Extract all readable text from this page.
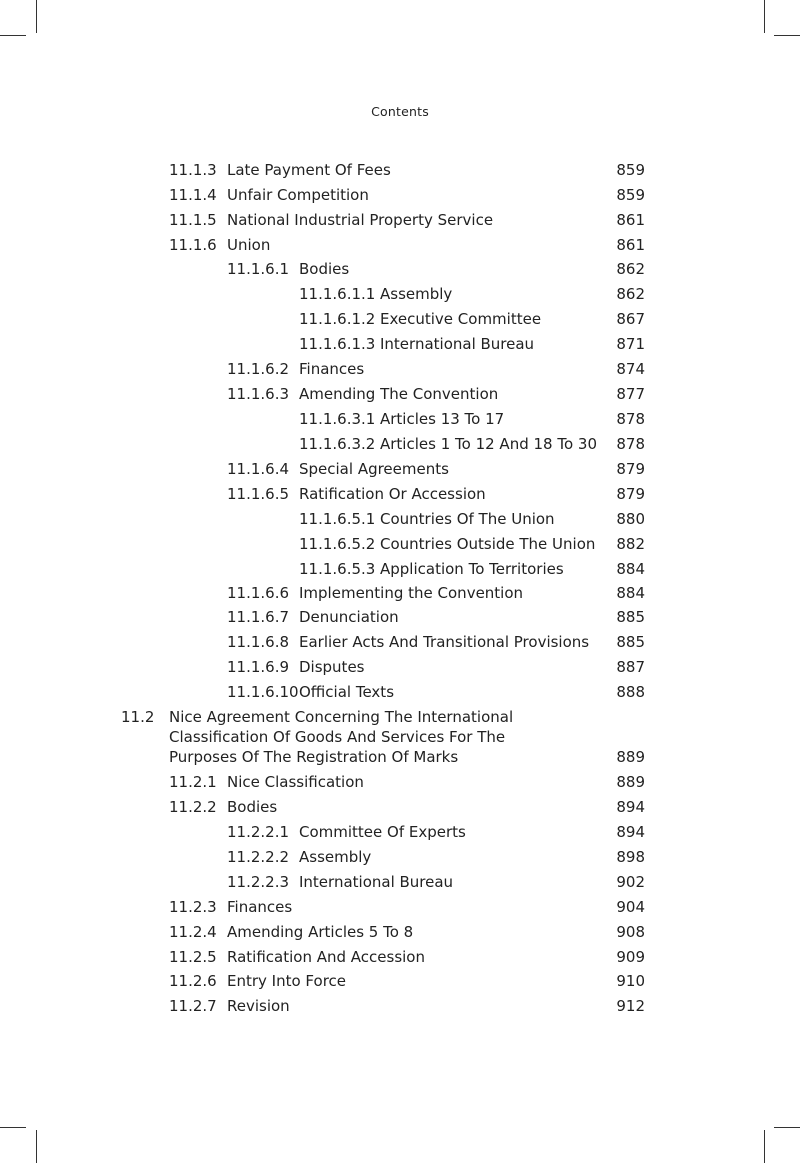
Contents
11.1.3 Late Payment Of Fees	859
11.1.4 Unfair Competition	859
11.1.5 National Industrial Property Service	861
11.1.6 Union	861
11.1.6.1 Bodies	862
11.1.6.1.1 Assembly	862
11.1.6.1.2 Executive Committee	867
11.1.6.1.3 International Bureau	871
11.1.6.2 Finances	874
11.1.6.3 Amending The Convention	877
11.1.6.3.1 Articles 13 To 17	878
11.1.6.3.2 Articles 1 To 12 And 18 To 30	878
11.1.6.4 Special Agreements	879
11.1.6.5 Ratification Or Accession	879
11.1.6.5.1 Countries Of The Union	880
11.1.6.5.2 Countries Outside The Union	882
11.1.6.5.3 Application To Territories	884
11.1.6.6 Implementing the Convention	884
11.1.6.7 Denunciation	885
11.1.6.8 Earlier Acts And Transitional Provisions	885
11.1.6.9 Disputes	887
11.1.6.10 Official Texts	888
11.2 Nice Agreement Concerning The International
Classification Of Goods And Services For The
Purposes Of The Registration Of Marks	889
11.2.1 Nice Classification	889
11.2.2 Bodies	894
11.2.2.1 Committee Of Experts	894
11.2.2.2 Assembly	898
11.2.2.3 International Bureau	902
11.2.3 Finances	904
11.2.4 Amending Articles 5 To 8	908
11.2.5 Ratification And Accession	909
11.2.6 Entry Into Force	910
11.2.7 Revision	912
